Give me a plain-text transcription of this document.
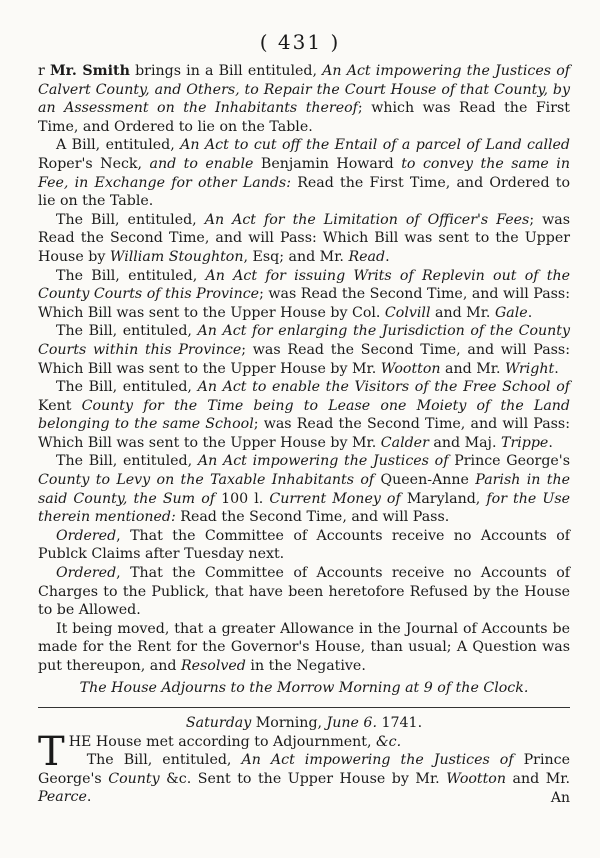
( 431 )

r Mr. Smith brings in a Bill entituled, An Act impowering the Justices of Calvert County, and Others, to Repair the Court House of that County, by an Assessment on the Inhabitants thereof; which was Read the First Time, and Ordered to lie on the Table.

A Bill, entituled, An Act to cut off the Entail of a parcel of Land called Roper's Neck, and to enable Benjamin Howard to convey the same in Fee, in Exchange for other Lands: Read the First Time, and Ordered to lie on the Table.

The Bill, entituled, An Act for the Limitation of Officer's Fees; was Read the Second Time, and will Pass: Which Bill was sent to the Upper House by William Stoughton, Esq; and Mr. Read.

The Bill, entituled, An Act for issuing Writs of Replevin out of the County Courts of this Province; was Read the Second Time, and will Pass: Which Bill was sent to the Upper House by Col. Colvill and Mr. Gale.

The Bill, entituled, An Act for enlarging the Jurisdiction of the County Courts within this Province; was Read the Second Time, and will Pass: Which Bill was sent to the Upper House by Mr. Wootton and Mr. Wright.

The Bill, entituled, An Act to enable the Visitors of the Free School of Kent County for the Time being to Lease one Moiety of the Land belonging to the same School; was Read the Second Time, and will Pass: Which Bill was sent to the Upper House by Mr. Calder and Maj. Trippe.

The Bill, entituled, An Act impowering the Justices of Prince George's County to Levy on the Taxable Inhabitants of Queen-Anne Parish in the said County, the Sum of 100 l. Current Money of Maryland, for the Use therein mentioned: Read the Second Time, and will Pass.

Ordered, That the Committee of Accounts receive no Accounts of Publck Claims after Tuesday next.

Ordered, That the Committee of Accounts receive no Accounts of Charges to the Publick, that have been heretofore Refused by the House to be Allowed.

It being moved, that a greater Allowance in the Journal of Accounts be made for the Rent for the Governor's House, than usual; A Question was put thereupon, and Resolved in the Negative.

The House Adjourns to the Morrow Morning at 9 of the Clock.

Saturday Morning, June 6. 1741.

THE House met according to Adjournment, &c.

The Bill, entituled, An Act impowering the Justices of Prince George's County &c. Sent to the Upper House by Mr. Wootton and Mr. Pearce.	An
